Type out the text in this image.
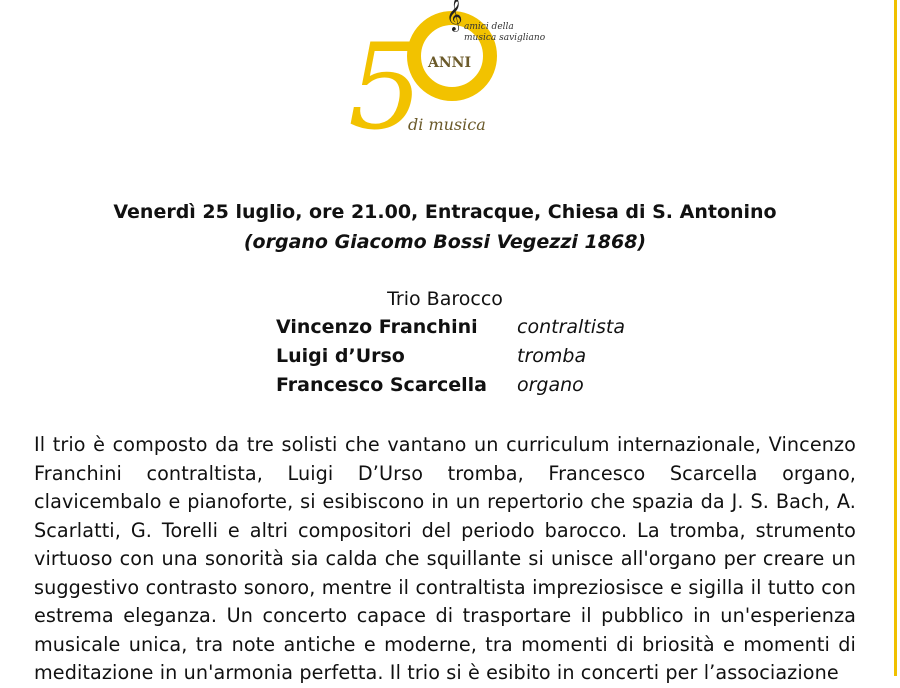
5
𝄞 amici della
musica savigliano
ANNI
di musica
Venerdì 25 luglio, ore 21.00, Entracque, Chiesa di S. Antonino
(organo Giacomo Bossi Vegezzi 1868)
Trio Barocco
Vincenzo Franchini contraltista
Luigi d’Urso	tromba
Francesco Scarcella organo

Il trio è composto da tre solisti che vantano un curriculum internazionale, Vincenzo Franchini contraltista, Luigi D’Urso tromba, Francesco Scarcella organo, clavicembalo e pianoforte, si esibiscono in un repertorio che spazia da J. S. Bach, A. Scarlatti, G. Torelli e altri compositori del periodo barocco. La tromba, strumento virtuoso con una sonorità sia calda che squillante si unisce all'organo per creare un suggestivo contrasto sonoro, mentre il contraltista impreziosisce e sigilla il tutto con estrema eleganza. Un concerto capace di trasportare il pubblico in un'esperienza musicale unica, tra note antiche e moderne, tra momenti di briosità e momenti di meditazione in un'armonia perfetta. Il trio si è esibito in concerti per l’associazione
